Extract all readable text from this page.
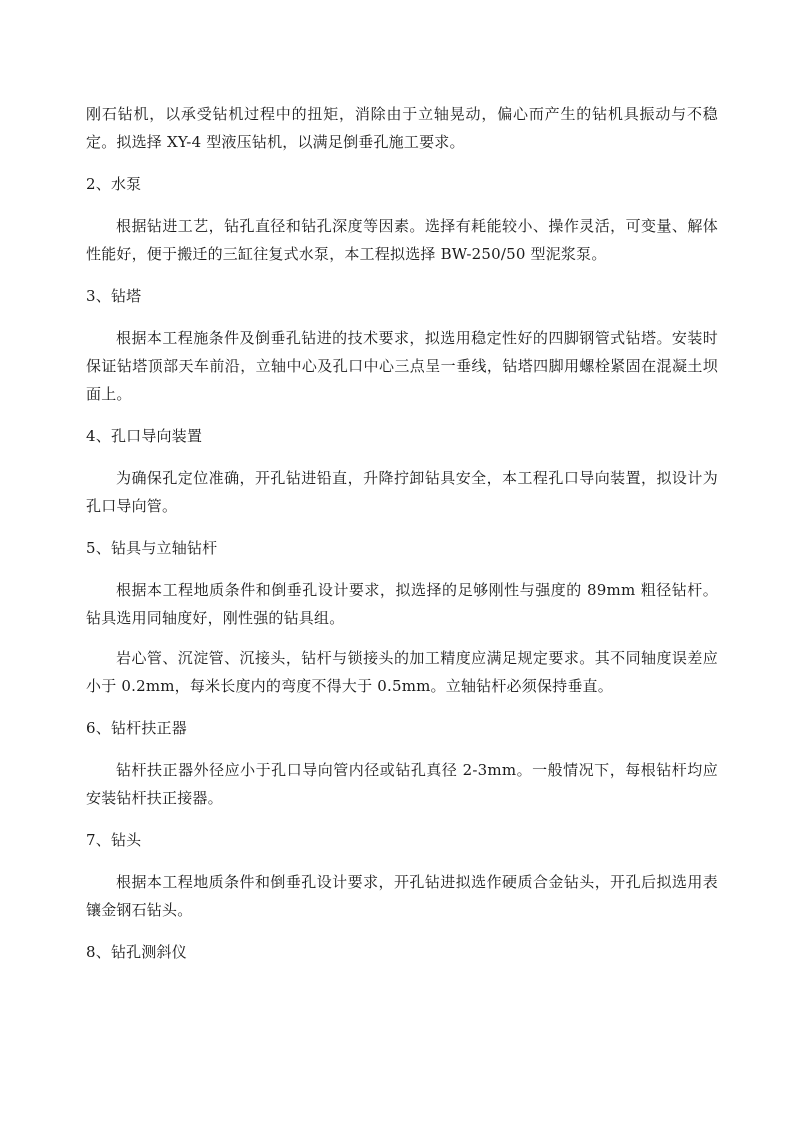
刚石钻机，以承受钻机过程中的扭矩，消除由于立轴晃动，偏心而产生的钻机具振动与不稳定。拟选择 XY-4 型液压钻机，以满足倒垂孔施工要求。

2、水泵

根据钻进工艺，钻孔直径和钻孔深度等因素。选择有耗能较小、操作灵活，可变量、解体性能好，便于搬迁的三缸往复式水泵，本工程拟选择 BW-250/50 型泥浆泵。

3、钻塔

根据本工程施条件及倒垂孔钻进的技术要求，拟选用稳定性好的四脚钢管式钻塔。安装时保证钻塔顶部天车前沿，立轴中心及孔口中心三点呈一垂线，钻塔四脚用螺栓紧固在混凝土坝面上。

4、孔口导向装置

为确保孔定位准确，开孔钻进铅直，升降拧卸钻具安全，本工程孔口导向装置，拟设计为孔口导向管。

5、钻具与立轴钻杆

根据本工程地质条件和倒垂孔设计要求，拟选择的足够刚性与强度的 89mm 粗径钻杆。钻具选用同轴度好，刚性强的钻具组。

岩心管、沉淀管、沉接头，钻杆与锁接头的加工精度应满足规定要求。其不同轴度误差应小于 0.2mm，每米长度内的弯度不得大于 0.5mm。立轴钻杆必须保持垂直。

6、钻杆扶正器

钻杆扶正器外径应小于孔口导向管内径或钻孔真径 2-3mm。一般情况下，每根钻杆均应安装钻杆扶正接器。

7、钻头

根据本工程地质条件和倒垂孔设计要求，开孔钻进拟选作硬质合金钻头，开孔后拟选用表镶金钢石钻头。

8、钻孔测斜仪
